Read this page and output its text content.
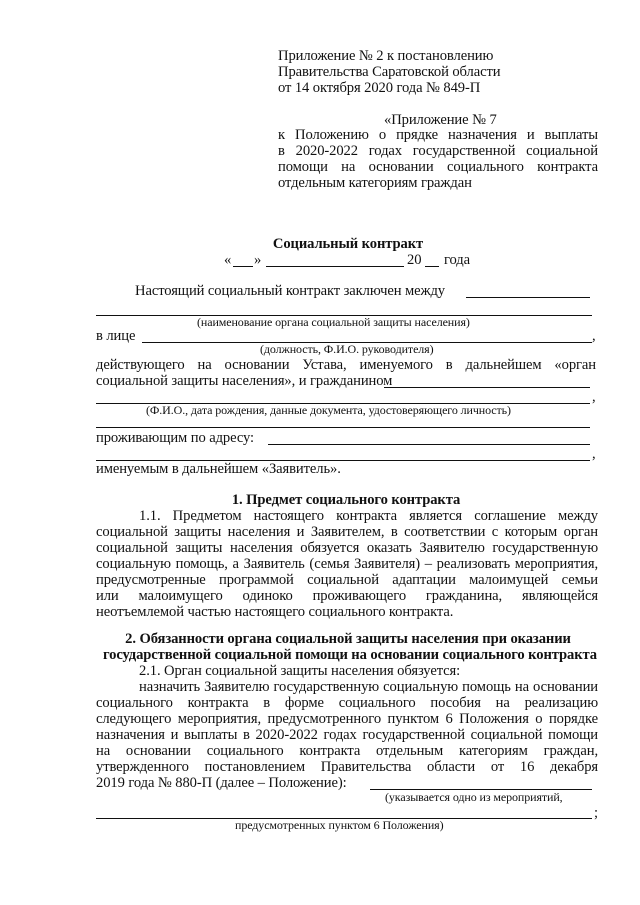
Приложение № 2 к постановлению

Правительства Саратовской области

от 14 октября 2020 года № 849-П

«Приложение № 7

к Положению о прядке назначения и выплаты

в 2020-2022 годах государственной социальной

помощи на основании социального контракта

отдельным категориям граждан

Социальный контракт

« »	20 года

Настоящий социальный контракт заключен между

(наименование органа социальной защиты населения)

в лице	,

(должность, Ф.И.О. руководителя)

действующего на основании Устава, именуемого в дальнейшем «орган

социальной защиты населения», и гражданином

,

(Ф.И.О., дата рождения, данные документа, удостоверяющего личность)

проживающим по адресу:

,

именуемым в дальнейшем «Заявитель».

1. Предмет социального контракта

1.1. Предметом настоящего контракта является соглашение между

социальной защиты населения и Заявителем, в соответствии с которым орган

социальной защиты населения обязуется оказать Заявителю государственную

социальную помощь, а Заявитель (семья Заявителя) – реализовать мероприятия,

предусмотренные программой социальной адаптации малоимущей семьи

или малоимущего одиноко проживающего гражданина, являющейся

неотъемлемой частью настоящего социального контракта.

2. Обязанности органа социальной защиты населения при оказании

государственной социальной помощи на основании социального контракта

2.1. Орган социальной защиты населения обязуется:

назначить Заявителю государственную социальную помощь на основании

социального контракта в форме социального пособия на реализацию

следующего мероприятия, предусмотренного пунктом 6 Положения о порядке

назначения и выплаты в 2020-2022 годах государственной социальной помощи

на основании социального контракта отдельным категориям граждан,

утвержденного постановлением Правительства области от 16 декабря

2019 года № 880-П (далее – Положение):

(указывается одно из мероприятий,

;

предусмотренных пунктом 6 Положения)
